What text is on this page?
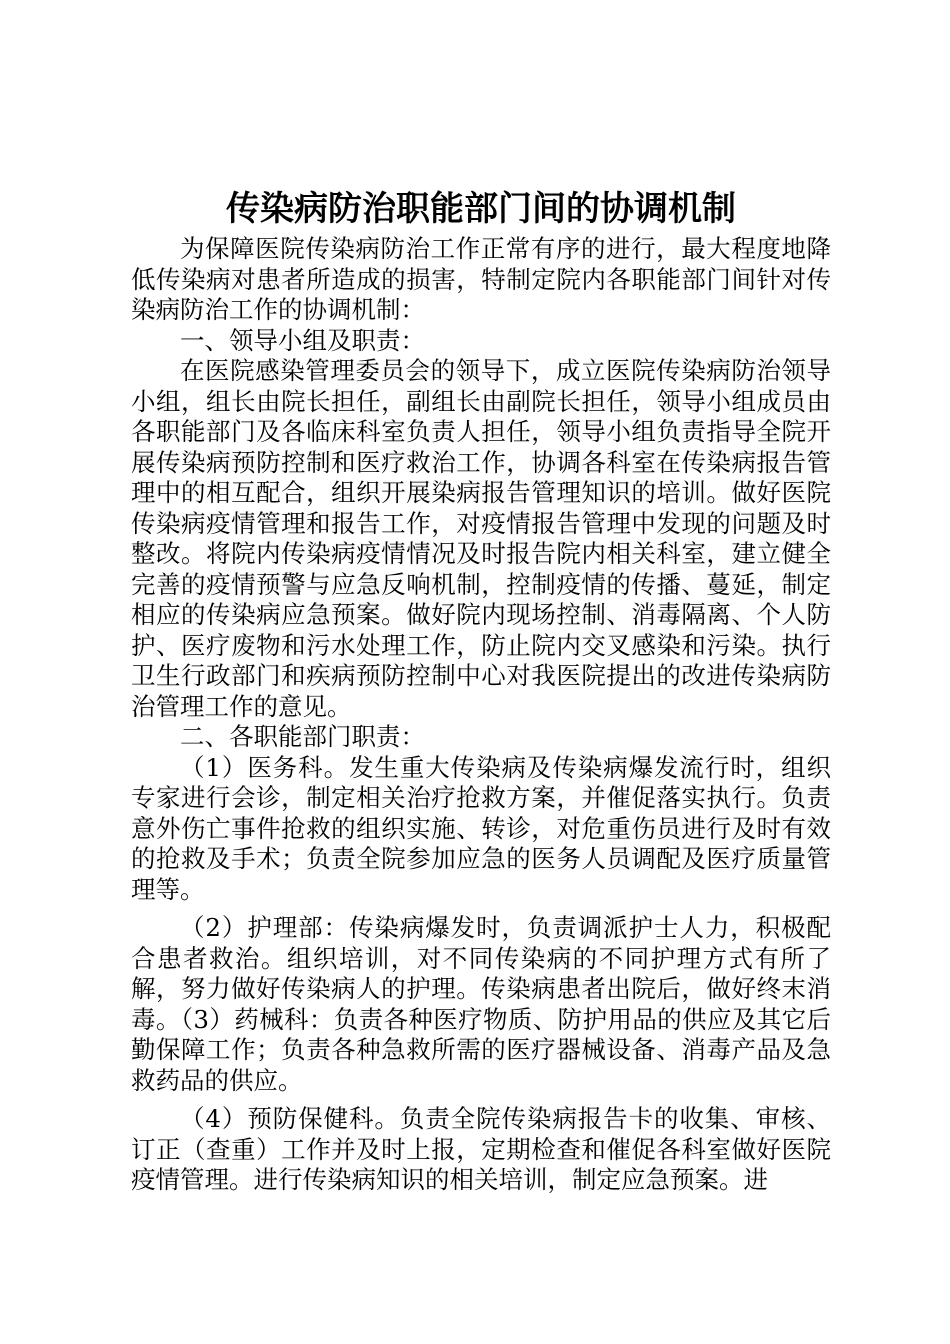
传染病防治职能部门间的协调机制

为保障医院传染病防治工作正常有序的进行，最大程度地降低传染病对患者所造成的损害，特制定院内各职能部门间针对传染病防治工作的协调机制：

一、领导小组及职责：

在医院感染管理委员会的领导下，成立医院传染病防治领导小组，组长由院长担任，副组长由副院长担任，领导小组成员由各职能部门及各临床科室负责人担任，领导小组负责指导全院开展传染病预防控制和医疗救治工作，协调各科室在传染病报告管理中的相互配合，组织开展染病报告管理知识的培训。做好医院传染病疫情管理和报告工作，对疫情报告管理中发现的问题及时整改。将院内传染病疫情情况及时报告院内相关科室，建立健全完善的疫情预警与应急反响机制，控制疫情的传播、蔓延，制定相应的传染病应急预案。做好院内现场控制、消毒隔离、个人防护、医疗废物和污水处理工作，防止院内交叉感染和污染。执行卫生行政部门和疾病预防控制中心对我医院提出的改进传染病防治管理工作的意见。

二、各职能部门职责：

（1）医务科。发生重大传染病及传染病爆发流行时，组织专家进行会诊，制定相关治疗抢救方案，并催促落实执行。负责意外伤亡事件抢救的组织实施、转诊，对危重伤员进行及时有效的抢救及手术；负责全院参加应急的医务人员调配及医疗质量管理等。

（2）护理部：传染病爆发时，负责调派护士人力，积极配合患者救治。组织培训，对不同传染病的不同护理方式有所了解，努力做好传染病人的护理。传染病患者出院后，做好终末消毒。（3）药械科：负责各种医疗物质、防护用品的供应及其它后勤保障工作；负责各种急救所需的医疗器械设备、消毒产品及急救药品的供应。

（4）预防保健科。负责全院传染病报告卡的收集、审核、订正（查重）工作并及时上报，定期检查和催促各科室做好医院疫情管理。进行传染病知识的相关培训，制定应急预案。进
